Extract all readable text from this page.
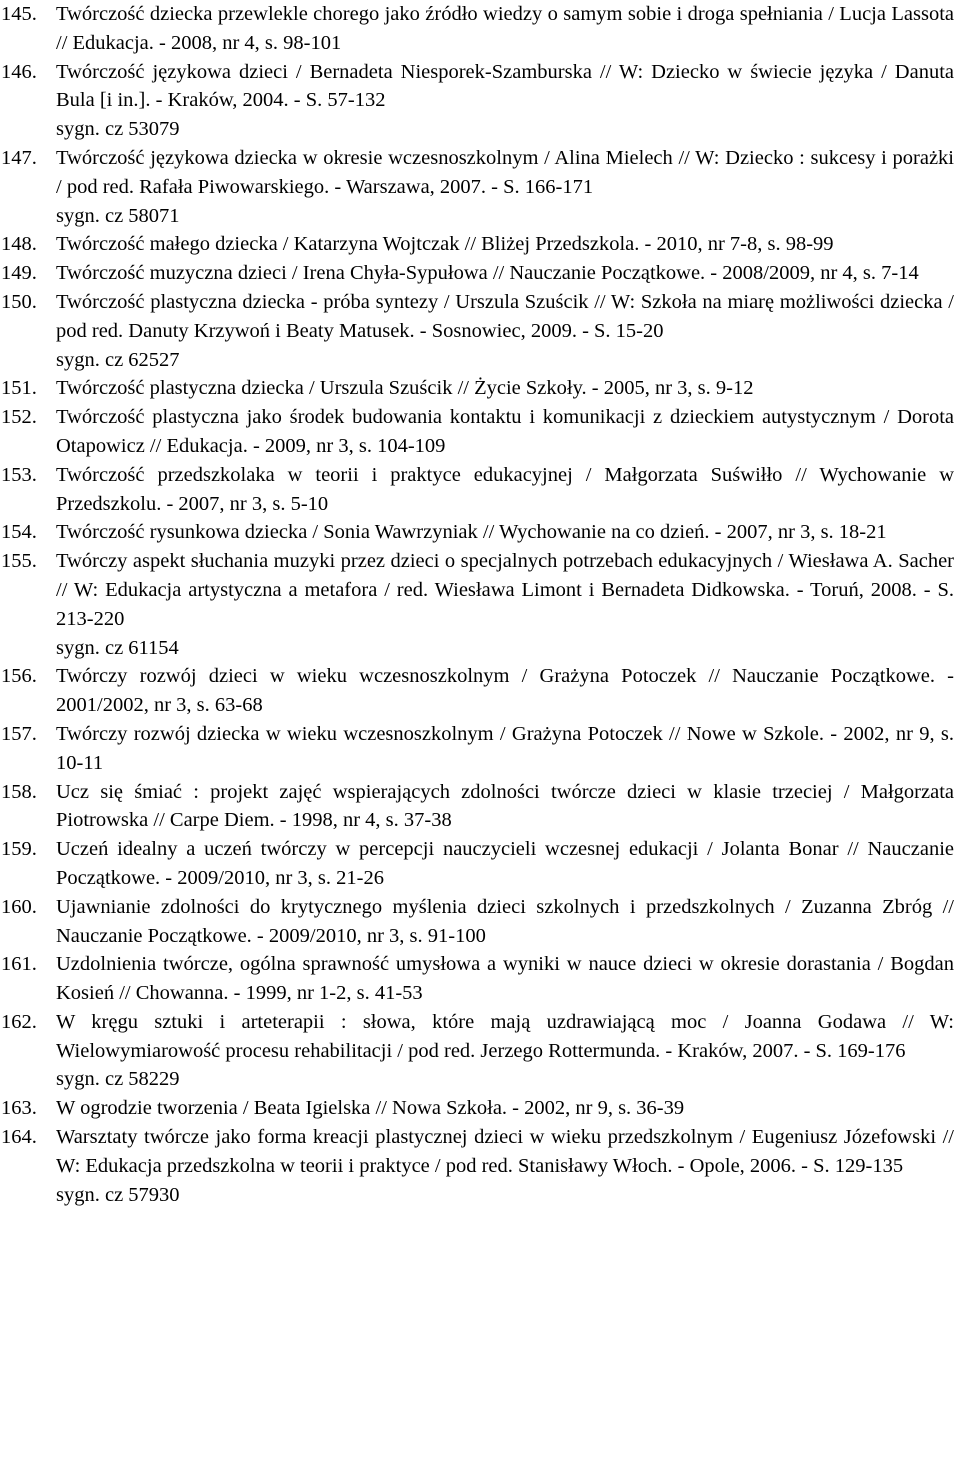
145. Twórczość dziecka przewlekle chorego jako źródło wiedzy o samym sobie i droga spełniania / Lucja Lassota // Edukacja. - 2008, nr 4, s. 98-101
146. Twórczość językowa dzieci / Bernadeta Niesporek-Szamburska // W: Dziecko w świecie języka / Danuta Bula [i in.]. - Kraków, 2004. - S. 57-132
sygn. cz 53079
147. Twórczość językowa dziecka w okresie wczesnoszkolnym / Alina Mielech // W: Dziecko : sukcesy i porażki / pod red. Rafała Piwowarskiego. - Warszawa, 2007. - S. 166-171
sygn. cz 58071
148. Twórczość małego dziecka / Katarzyna Wojtczak // Bliżej Przedszkola. - 2010, nr 7-8, s. 98-99
149. Twórczość muzyczna dzieci / Irena Chyła-Sypułowa // Nauczanie Początkowe. - 2008/2009, nr 4, s. 7-14
150. Twórczość plastyczna dziecka - próba syntezy / Urszula Szuścik // W: Szkoła na miarę możliwości dziecka / pod red. Danuty Krzywoń i Beaty Matusek. - Sosnowiec, 2009. - S. 15-20
sygn. cz 62527
151. Twórczość plastyczna dziecka / Urszula Szuścik // Życie Szkoły. - 2005, nr 3, s. 9-12
152. Twórczość plastyczna jako środek budowania kontaktu i komunikacji z dzieckiem autystycznym / Dorota Otapowicz // Edukacja. - 2009, nr 3, s. 104-109
153. Twórczość przedszkolaka w teorii i praktyce edukacyjnej / Małgorzata Suświłło // Wychowanie w Przedszkolu. - 2007, nr 3, s. 5-10
154. Twórczość rysunkowa dziecka / Sonia Wawrzyniak // Wychowanie na co dzień. - 2007, nr 3, s. 18-21
155. Twórczy aspekt słuchania muzyki przez dzieci o specjalnych potrzebach edukacyjnych / Wiesława A. Sacher // W: Edukacja artystyczna a metafora / red. Wiesława Limont i Bernadeta Didkowska. - Toruń, 2008. - S. 213-220
sygn. cz 61154
156. Twórczy rozwój dzieci w wieku wczesnoszkolnym / Grażyna Potoczek // Nauczanie Początkowe. - 2001/2002, nr 3, s. 63-68
157. Twórczy rozwój dziecka w wieku wczesnoszkolnym / Grażyna Potoczek // Nowe w Szkole. - 2002, nr 9, s. 10-11
158. Ucz się śmiać : projekt zajęć wspierających zdolności twórcze dzieci w klasie trzeciej / Małgorzata Piotrowska // Carpe Diem. - 1998, nr 4, s. 37-38
159. Uczeń idealny a uczeń twórczy w percepcji nauczycieli wczesnej edukacji / Jolanta Bonar // Nauczanie Początkowe. - 2009/2010, nr 3, s. 21-26
160. Ujawnianie zdolności do krytycznego myślenia dzieci szkolnych i przedszkolnych / Zuzanna Zbróg // Nauczanie Początkowe. - 2009/2010, nr 3, s. 91-100
161. Uzdolnienia twórcze, ogólna sprawność umysłowa a wyniki w nauce dzieci w okresie dorastania / Bogdan Kosień // Chowanna. - 1999, nr 1-2, s. 41-53
162. W kręgu sztuki i arteterapii : słowa, które mają uzdrawiającą moc / Joanna Godawa // W: Wielowymiarowość procesu rehabilitacji / pod red. Jerzego Rottermunda. - Kraków, 2007. - S. 169-176
sygn. cz 58229
163. W ogrodzie tworzenia / Beata Igielska // Nowa Szkoła. - 2002, nr 9, s. 36-39
164. Warsztaty twórcze jako forma kreacji plastycznej dzieci w wieku przedszkolnym / Eugeniusz Józefowski // W: Edukacja przedszkolna w teorii i praktyce / pod red. Stanisławy Włoch. - Opole, 2006. - S. 129-135
sygn. cz 57930
